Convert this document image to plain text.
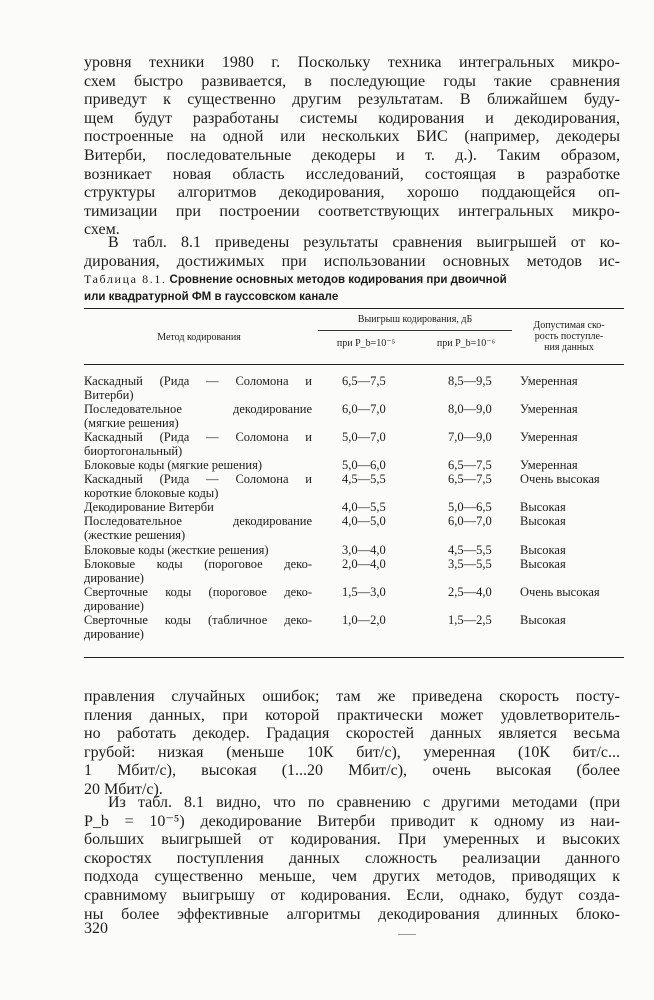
уровня техники 1980 г. Поскольку техника интегральных микро-
схем быстро развивается, в последующие годы такие сравнения
приведут к существенно другим результатам. В ближайшем буду-
щем будут разработаны системы кодирования и декодирования,
построенные на одной или нескольких БИС (например, декодеры
Витерби, последовательные декодеры и т. д.). Таким образом,
возникает новая область исследований, состоящая в разработке
структуры алгоритмов декодирования, хорошо поддающейся оп-
тимизации при построении соответствующих интегральных микро-
схем.
В табл. 8.1 приведены результаты сравнения выигрышей от ко-
дирования, достижимых при использовании основных методов ис-
Таблица 8.1. Сровнение основных методов кодирования при двоичной
или квадратурной ФМ в гауссовском канале
Метод кодирования
Выигрыш кодирования, дБ
при P_b=10⁻⁵	при P_b=10⁻⁶
Допустимая ско-
рость поступле-
ния данных
Каскадный (Рида — Соломона и
Витерби)
6,5—7,5	8,5—9,5 Умеренная
Последовательное декодирование
(мягкие решения)
6,0—7,0	8,0—9,0 Умеренная
Каскадный (Рида — Соломона и
биортогональный)
5,0—7,0	7,0—9,0 Умеренная
Блоковые коды (мягкие решения)	5,0—6,0	6,5—7,5 Умеренная
Каскадный (Рида — Соломона и
короткие блоковые коды)
4,5—5,5	6,5—7,5 Очень высокая
Декодирование Витерби	4,0—5,5	5,0—6,5 Высокая
Последовательное декодирование
(жесткие решения)
4,0—5,0	6,0—7,0 Высокая
Блоковые коды (жесткие решения)	3,0—4,0	4,5—5,5 Высокая
Блоковые коды (пороговое деко-
дирование)
2,0—4,0	3,5—5,5 Высокая
Сверточные коды (пороговое деко-
дирование)
1,5—3,0	2,5—4,0 Очень высокая
Сверточные коды (табличное деко-
дирование)
1,0—2,0	1,5—2,5 Высокая
правления случайных ошибок; там же приведена скорость посту-
пления данных, при которой практически может удовлетворитель-
но работать декодер. Градация скоростей данных является весьма
грубой: низкая (меньше 10К бит/с), умеренная (10К бит/с...
1 Мбит/с), высокая (1...20 Мбит/с), очень высокая (более
20 Мбит/с).
Из табл. 8.1 видно, что по сравнению с другими методами (при
P_b = 10⁻⁵) декодирование Витерби приводит к одному из наи-
больших выигрышей от кодирования. При умеренных и высоких
скоростях поступления данных сложность реализации данного
подхода существенно меньше, чем других методов, приводящих к
сравнимому выигрышу от кодирования. Если, однако, будут созда-
ны более эффективные алгоритмы декодирования длинных блоко-
320
